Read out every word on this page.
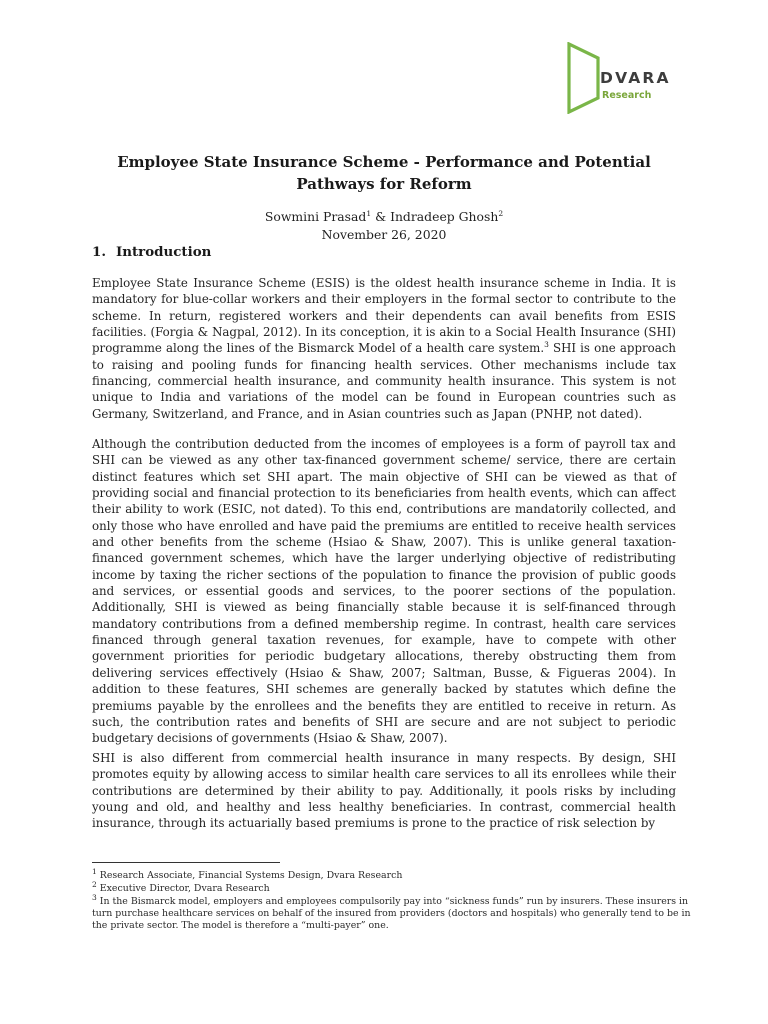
DVARA
Research
Employee State Insurance Scheme - Performance and Potential Pathways for Reform
Sowmini Prasad$^1$ & Indradeep Ghosh$^2$
November 26, 2020
1. Introduction

Employee State Insurance Scheme (ESIS) is the oldest health insurance scheme in India. It is mandatory for blue-collar workers and their employers in the formal sector to contribute to the scheme. In return, registered workers and their dependents can avail benefits from ESIS facilities. (Forgia & Nagpal, 2012). In its conception, it is akin to a Social Health Insurance (SHI) programme along the lines of the Bismarck Model of a health care system.$^3$ SHI is one approach to raising and pooling funds for financing health services. Other mechanisms include tax financing, commercial health insurance, and community health insurance. This system is not unique to India and variations of the model can be found in European countries such as Germany, Switzerland, and France, and in Asian countries such as Japan (PNHP, not dated).

Although the contribution deducted from the incomes of employees is a form of payroll tax and SHI can be viewed as any other tax-financed government scheme/ service, there are certain distinct features which set SHI apart. The main objective of SHI can be viewed as that of providing social and financial protection to its beneficiaries from health events, which can affect their ability to work (ESIC, not dated). To this end, contributions are mandatorily collected, and only those who have enrolled and have paid the premiums are entitled to receive health services and other benefits from the scheme (Hsiao & Shaw, 2007). This is unlike general taxation-financed government schemes, which have the larger underlying objective of redistributing income by taxing the richer sections of the population to finance the provision of public goods and services, or essential goods and services, to the poorer sections of the population. Additionally, SHI is viewed as being financially stable because it is self-financed through mandatory contributions from a defined membership regime. In contrast, health care services financed through general taxation revenues, for example, have to compete with other government priorities for periodic budgetary allocations, thereby obstructing them from delivering services effectively (Hsiao & Shaw, 2007; Saltman, Busse, & Figueras 2004). In addition to these features, SHI schemes are generally backed by statutes which define the premiums payable by the enrollees and the benefits they are entitled to receive in return. As such, the contribution rates and benefits of SHI are secure and are not subject to periodic budgetary decisions of governments (Hsiao & Shaw, 2007).

SHI is also different from commercial health insurance in many respects. By design, SHI promotes equity by allowing access to similar health care services to all its enrollees while their contributions are determined by their ability to pay. Additionally, it pools risks by including young and old, and healthy and less healthy beneficiaries. In contrast, commercial health insurance, through its actuarially based premiums is prone to the practice of risk selection by

$^1$ Research Associate, Financial Systems Design, Dvara Research
$^2$ Executive Director, Dvara Research
$^3$ In the Bismarck model, employers and employees compulsorily pay into “sickness funds” run by insurers. These insurers in turn purchase healthcare services on behalf of the insured from providers (doctors and hospitals) who generally tend to be in the private sector. The model is therefore a “multi-payer” one.
